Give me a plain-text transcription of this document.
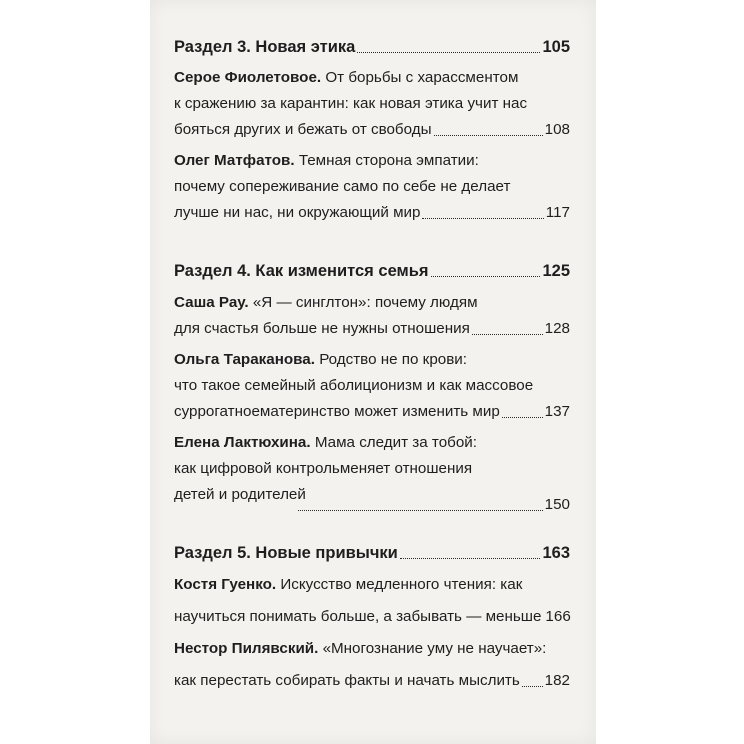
Раздел 3. Новая этика	105
Серое Фиолетовое. От борьбы с харассментом
к сражению за карантин: как новая этика учит нас
бояться других и бежать от свободы	108
Олег Матфатов. Темная сторона эмпатии:
почему сопереживание само по себе не делает
лучше ни нас, ни окружающий мир	117
Раздел 4. Как изменится семья	125
Саша Рау. «Я — синглтон»: почему людям
для счастья больше не нужны отношения	128
Ольга Тараканова. Родство не по крови:
что такое семейный аболиционизм и как массовое
суррогатноематеринство может изменить мир	137
Елена Лактюхина. Мама следит за тобой:
как цифровой контрольменяет отношения
детей и родителей
150
Раздел 5. Новые привычки	163
Костя Гуенко. Искусство медленного чтения: как
научиться понимать больше, а забывать — меньше 166
Нестор Пилявский. «Многознание уму не научает»:
как перестать собирать факты и начать мыслить 182
